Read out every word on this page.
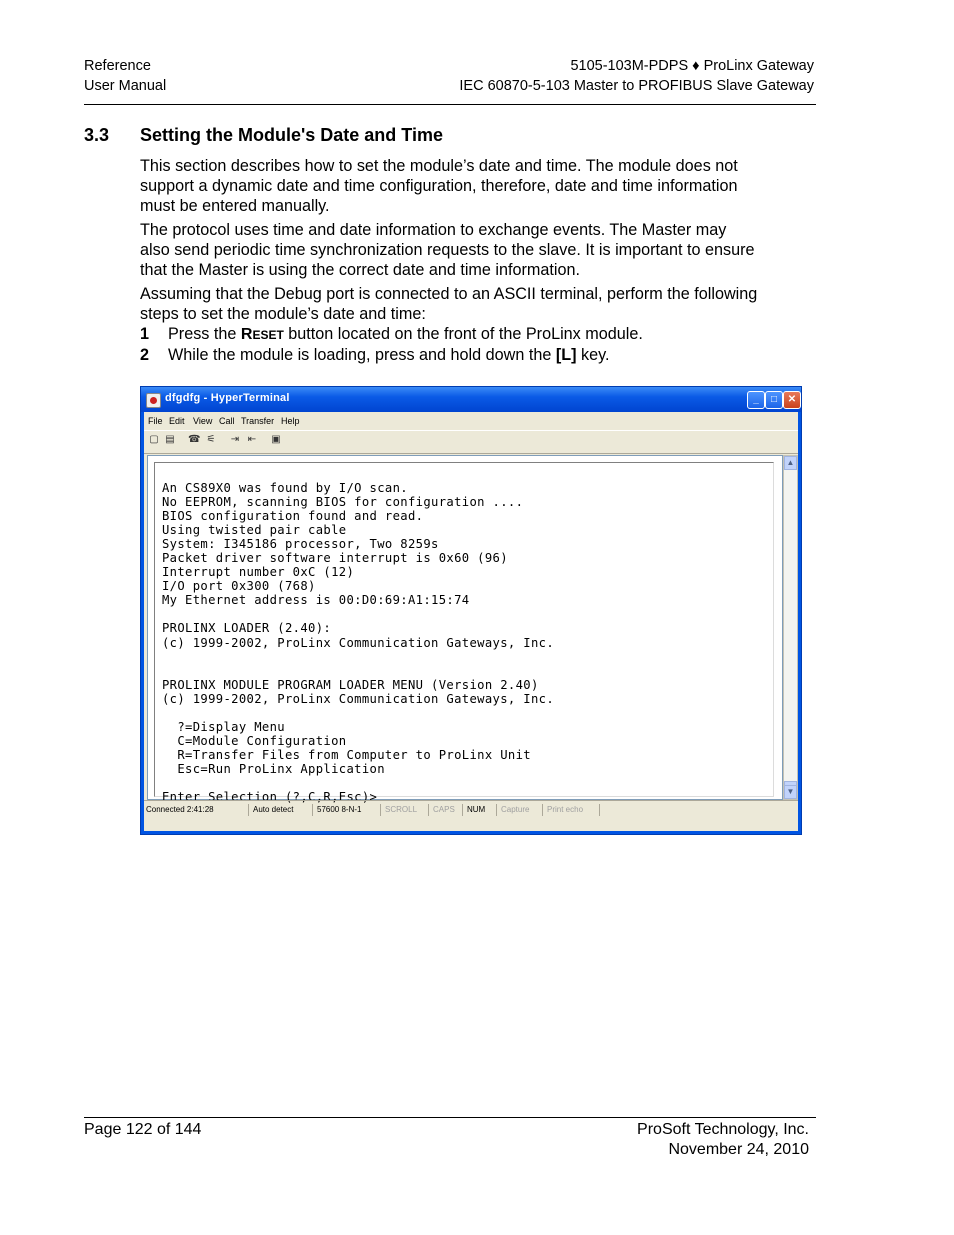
Reference
User Manual
5105-103M-PDPS ♦ ProLinx Gateway
IEC 60870-5-103 Master to PROFIBUS Slave Gateway
3.3 Setting the Module's Date and Time

This section describes how to set the module’s date and time. The module does not support a dynamic date and time configuration, therefore, date and time information must be entered manually.

The protocol uses time and date information to exchange events. The Master may also send periodic time synchronization requests to the slave. It is important to ensure that the Master is using the correct date and time information.

Assuming that the Debug port is connected to an ASCII terminal, perform the following steps to set the module’s date and time:

1 Press the RESET button located on the front of the ProLinx module.
2 While the module is loading, press and hold down the [L] key.
dfgdfg - HyperTerminal	_	□	✕
File Edit View Call Transfer Help
▢ ▤ ☎ ⚟ ⇥ ⇤ ▣
An CS89X0 was found by I/O scan.
No EEPROM, scanning BIOS for configuration ....
BIOS configuration found and read.
Using twisted pair cable
System: I345186 processor, Two 8259s
Packet driver software interrupt is 0x60 (96)
Interrupt number 0xC (12)
I/O port 0x300 (768)
My Ethernet address is 00:D0:69:A1:15:74

PROLINX LOADER (2.40):
(c) 1999-2002, ProLinx Communication Gateways, Inc.

PROLINX MODULE PROGRAM LOADER MENU (Version 2.40)
(c) 1999-2002, ProLinx Communication Gateways, Inc.

?=Display Menu
C=Module Configuration
R=Transfer Files from Computer to ProLinx Unit
Esc=Run ProLinx Application

Enter Selection (?,C,R,Esc)>
▲
▼
Connected 2:41:28	Auto detect	57600 8-N-1	SCROLL	CAPS	NUM	Capture	Print echo
Page 122 of 144	ProSoft Technology, Inc.
November 24, 2010
